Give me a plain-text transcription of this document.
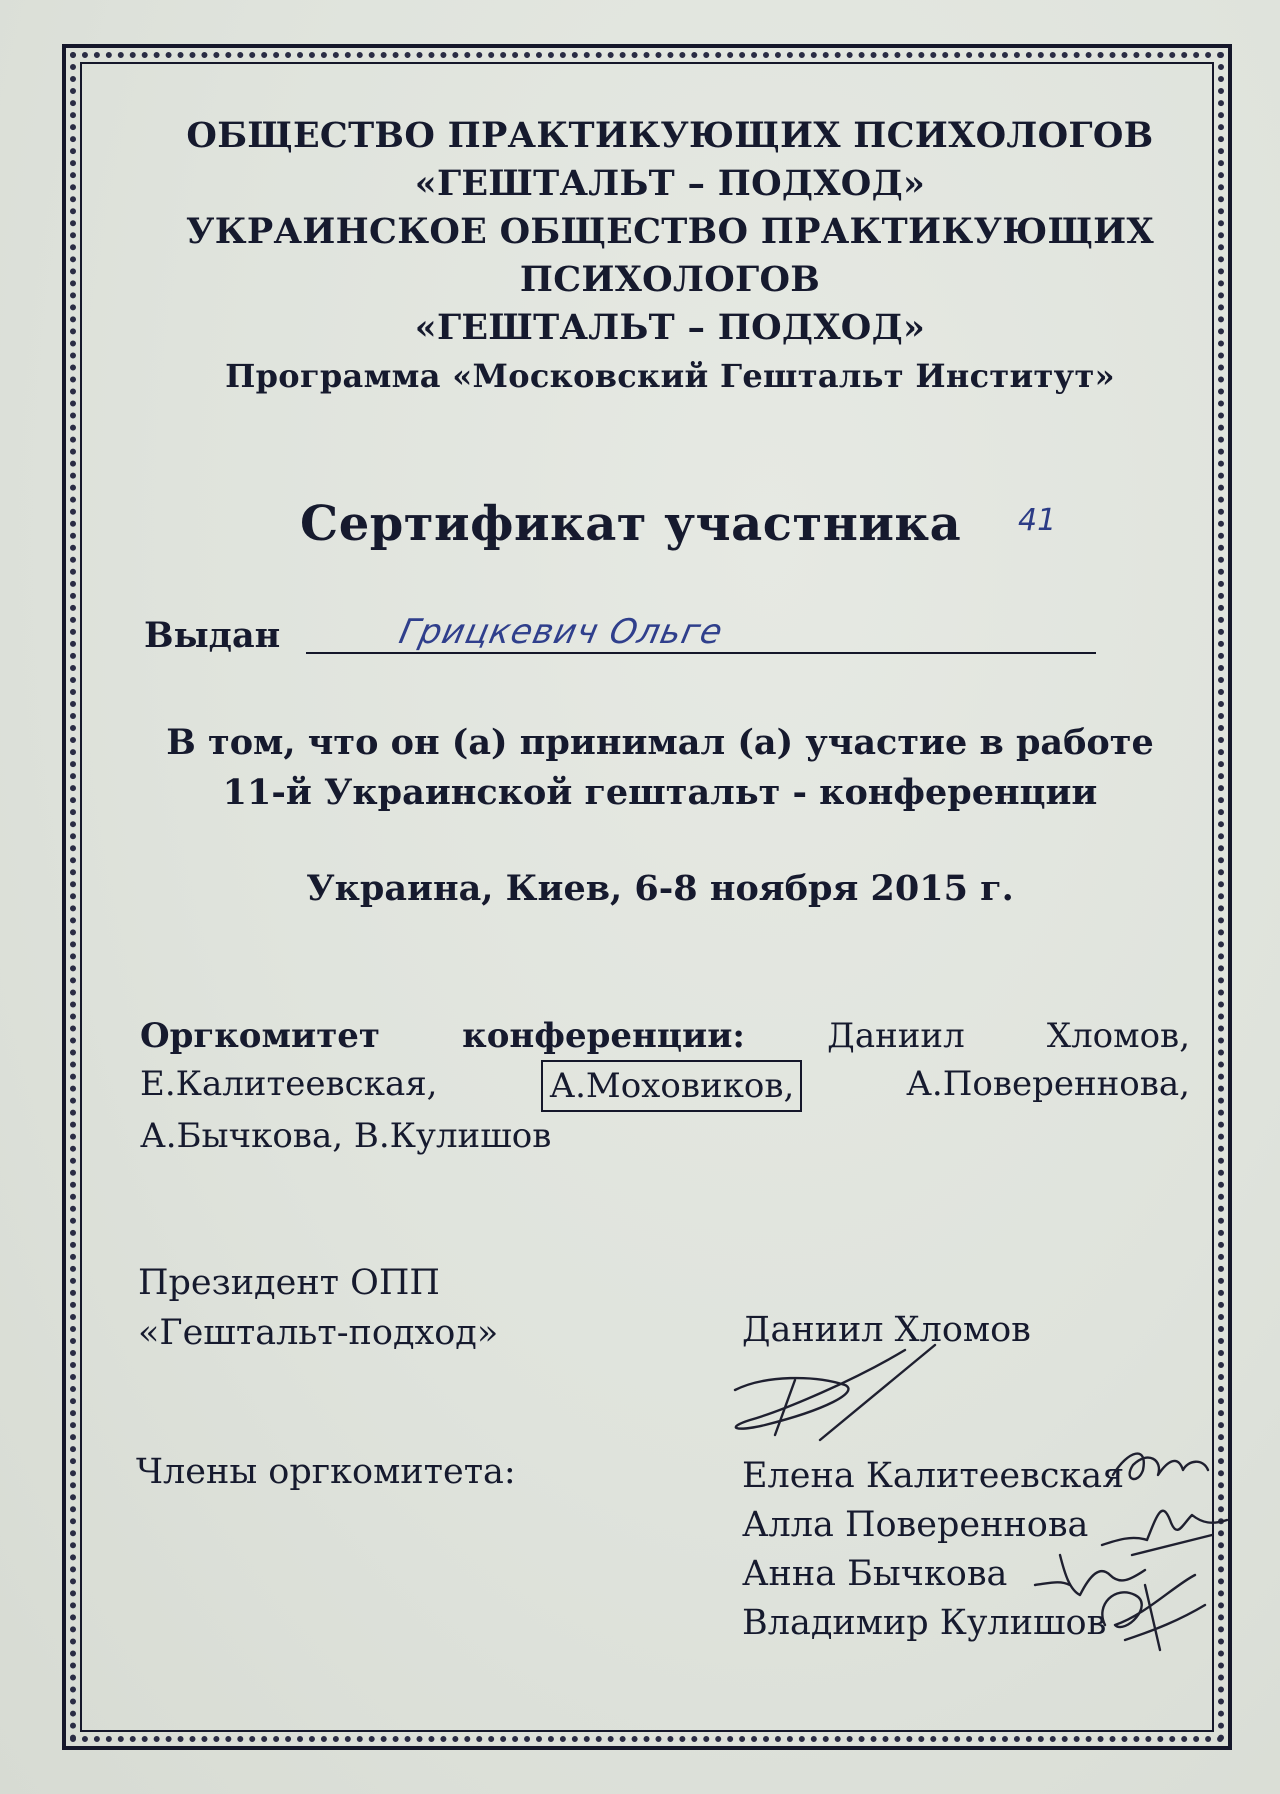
ОБЩЕСТВО ПРАКТИКУЮЩИХ ПСИХОЛОГОВ
«ГЕШТАЛЬТ – ПОДХОД»
УКРАИНСКОЕ ОБЩЕСТВО ПРАКТИКУЮЩИХ
ПСИХОЛОГОВ
«ГЕШТАЛЬТ – ПОДХОД»
Программа «Московский Гештальт Институт»
Сертификат участника 41
Выдан	Грицкевич Ольге
В том, что он (а) принимал (а) участие в работе
11-й Украинской гештальт - конференции
Украина, Киев, 6-8 ноября 2015 г.
Оргкомитет конференции: Даниил Хломов,
Е.Калитеевская,	А.Моховиков,	А.Повереннова,
А.Бычкова, В.Кулишов
Президент ОПП
«Гештальт-подход»	Даниил Хломов
Члены оргкомитета:	Елена Калитеевская
Алла Повереннова
Анна Бычкова
Владимир Кулишов
